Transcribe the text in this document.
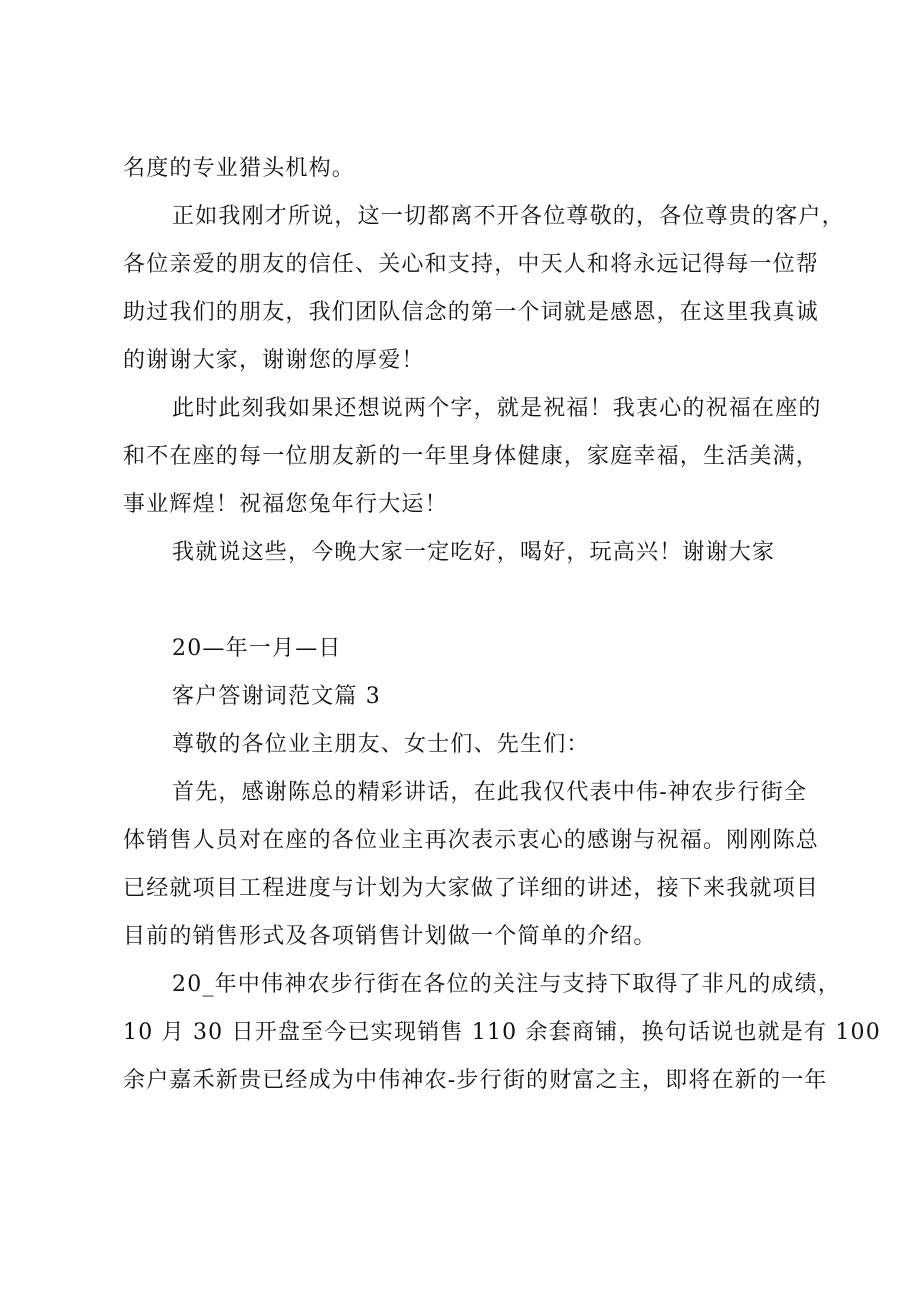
名度的专业猎头机构。
正如我刚才所说，这一切都离不开各位尊敬的，各位尊贵的客户，
各位亲爱的朋友的信任、关心和支持，中天人和将永远记得每一位帮
助过我们的朋友，我们团队信念的第一个词就是感恩，在这里我真诚
的谢谢大家，谢谢您的厚爱！
此时此刻我如果还想说两个字，就是祝福！我衷心的祝福在座的
和不在座的每一位朋友新的一年里身体健康，家庭幸福，生活美满，
事业辉煌！祝福您兔年行大运！
我就说这些，今晚大家一定吃好，喝好，玩高兴！谢谢大家
20—年一月—日
客户答谢词范文篇 3
尊敬的各位业主朋友、女士们、先生们：
首先，感谢陈总的精彩讲话，在此我仅代表中伟-神农步行街全
体销售人员对在座的各位业主再次表示衷心的感谢与祝福。刚刚陈总
已经就项目工程进度与计划为大家做了详细的讲述，接下来我就项目
目前的销售形式及各项销售计划做一个简单的介绍。
20_年中伟神农步行街在各位的关注与支持下取得了非凡的成绩，
10 月 30 日开盘至今已实现销售 110 余套商铺，换句话说也就是有 100
余户嘉禾新贵已经成为中伟神农-步行街的财富之主，即将在新的一年
